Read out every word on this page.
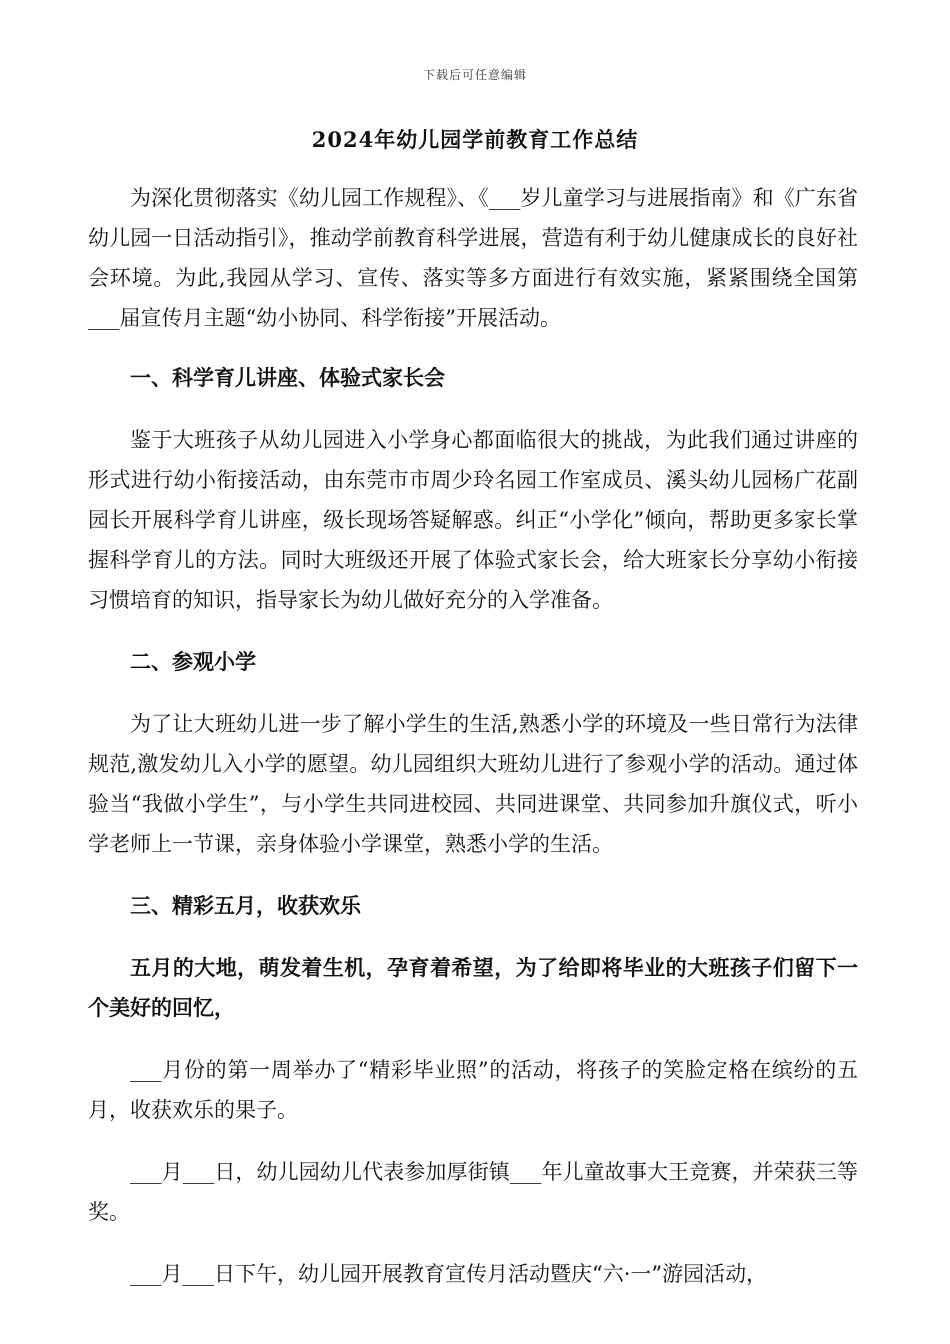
下载后可任意编辑
2024年幼儿园学前教育工作总结
为深化贯彻落实《幼儿园工作规程》、《___岁儿童学习与进展指南》和《广东省幼儿园一日活动指引》，推动学前教育科学进展，营造有利于幼儿健康成长的良好社会环境。为此,我园从学习、宣传、落实等多方面进行有效实施，紧紧围绕全国第___届宣传月主题“幼小协同、科学衔接”开展活动。
一、科学育儿讲座、体验式家长会
鉴于大班孩子从幼儿园进入小学身心都面临很大的挑战，为此我们通过讲座的形式进行幼小衔接活动，由东莞市市周少玲名园工作室成员、溪头幼儿园杨广花副园长开展科学育儿讲座，级长现场答疑解惑。纠正“小学化”倾向，帮助更多家长掌握科学育儿的方法。同时大班级还开展了体验式家长会，给大班家长分享幼小衔接习惯培育的知识，指导家长为幼儿做好充分的入学准备。
二、参观小学
为了让大班幼儿进一步了解小学生的生活,熟悉小学的环境及一些日常行为法律规范,激发幼儿入小学的愿望。幼儿园组织大班幼儿进行了参观小学的活动。通过体验当“我做小学生”，与小学生共同进校园、共同进课堂、共同参加升旗仪式，听小学老师上一节课，亲身体验小学课堂，熟悉小学的生活。
三、精彩五月，收获欢乐
五月的大地，萌发着生机，孕育着希望，为了给即将毕业的大班孩子们留下一个美好的回忆，
___月份的第一周举办了“精彩毕业照”的活动，将孩子的笑脸定格在缤纷的五月，收获欢乐的果子。
___月___日，幼儿园幼儿代表参加厚街镇___年儿童故事大王竞赛，并荣获三等奖。
___月___日下午，幼儿园开展教育宣传月活动暨庆“六·一”游园活动，
